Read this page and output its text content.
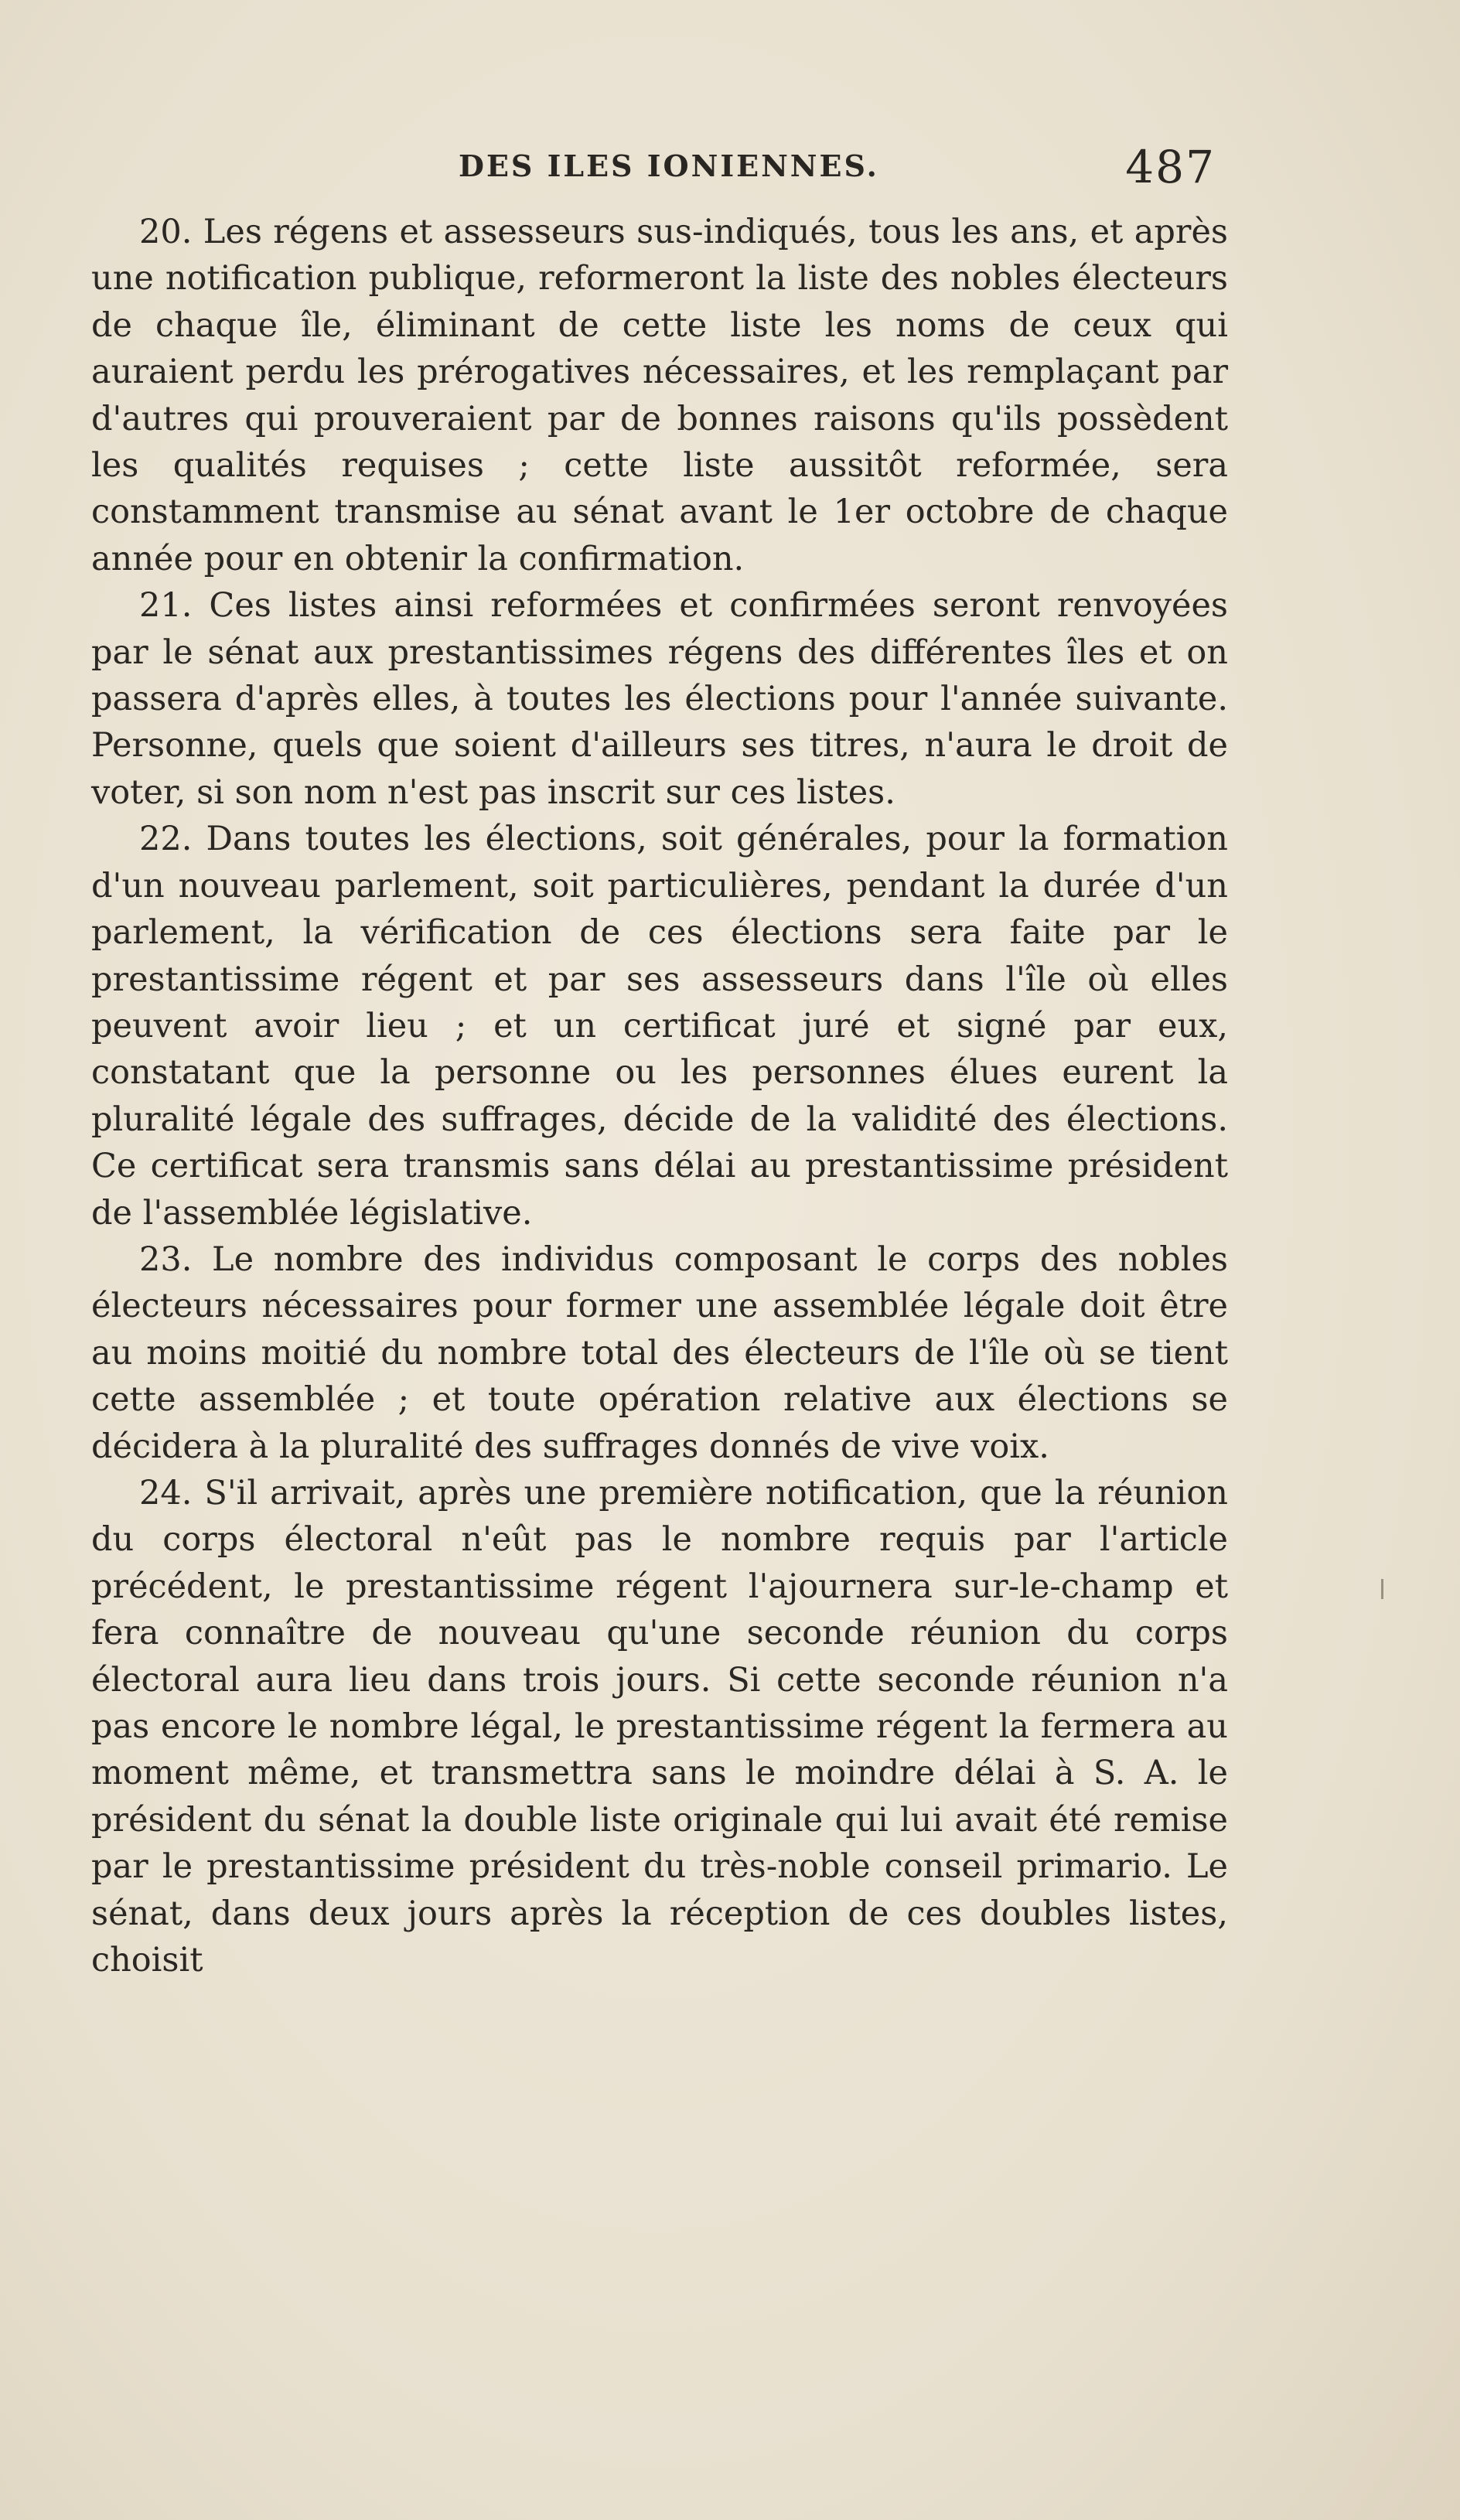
DES ILES IONIENNES.	487

20. Les régens et assesseurs sus-indiqués, tous les ans, et après une notification publique, reformeront la liste des nobles électeurs de chaque île, éliminant de cette liste les noms de ceux qui auraient perdu les prérogatives nécessaires, et les remplaçant par d'autres qui prouveraient par de bonnes raisons qu'ils possèdent les qualités requises ; cette liste aussitôt reformée, sera constamment transmise au sénat avant le 1er octobre de chaque année pour en obtenir la confirmation.

21. Ces listes ainsi reformées et confirmées seront renvoyées par le sénat aux prestantissimes régens des différentes îles et on passera d'après elles, à toutes les élections pour l'année suivante. Personne, quels que soient d'ailleurs ses titres, n'aura le droit de voter, si son nom n'est pas inscrit sur ces listes.

22. Dans toutes les élections, soit générales, pour la formation d'un nouveau parlement, soit particulières, pendant la durée d'un parlement, la vérification de ces élections sera faite par le prestantissime régent et par ses assesseurs dans l'île où elles peuvent avoir lieu ; et un certificat juré et signé par eux, constatant que la personne ou les personnes élues eurent la pluralité légale des suffrages, décide de la validité des élections. Ce certificat sera transmis sans délai au prestantissime président de l'assemblée législative.

23. Le nombre des individus composant le corps des nobles électeurs nécessaires pour former une assemblée légale doit être au moins moitié du nombre total des électeurs de l'île où se tient cette assemblée ; et toute opération relative aux élections se décidera à la pluralité des suffrages donnés de vive voix.

24. S'il arrivait, après une première notification, que la réunion du corps électoral n'eût pas le nombre requis par l'article précédent, le prestantissime régent l'ajournera sur-le-champ et fera connaître de nouveau qu'une seconde réunion du corps électoral aura lieu dans trois jours. Si cette seconde réunion n'a pas encore le nombre légal, le prestantissime régent la fermera au moment même, et transmettra sans le moindre délai à S. A. le président du sénat la double liste originale qui lui avait été remise par le prestantissime président du très-noble conseil primario. Le sénat, dans deux jours après la réception de ces doubles listes, choisit
